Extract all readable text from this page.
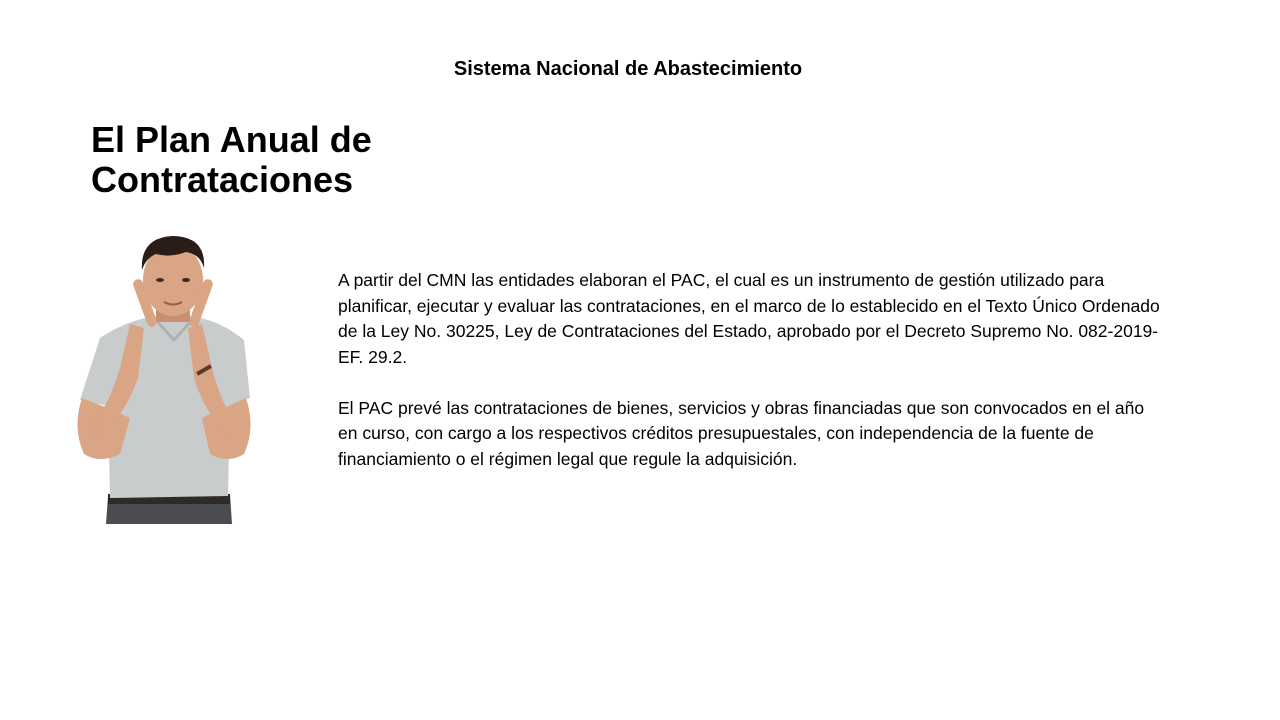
Sistema Nacional de Abastecimiento
El Plan Anual de Contrataciones

A partir del CMN las entidades elaboran el PAC, el cual es un instrumento de gestión utilizado para planificar, ejecutar y evaluar las contrataciones, en el marco de lo establecido en el Texto Único Ordenado de la Ley No. 30225, Ley de Contrataciones del Estado, aprobado por el Decreto Supremo No. 082-2019-EF. 29.2.

El PAC prevé las contrataciones de bienes, servicios y obras financiadas que son convocados en el año en curso, con cargo a los respectivos créditos presupuestales, con independencia de la fuente de financiamiento o el régimen legal que regule la adquisición.
